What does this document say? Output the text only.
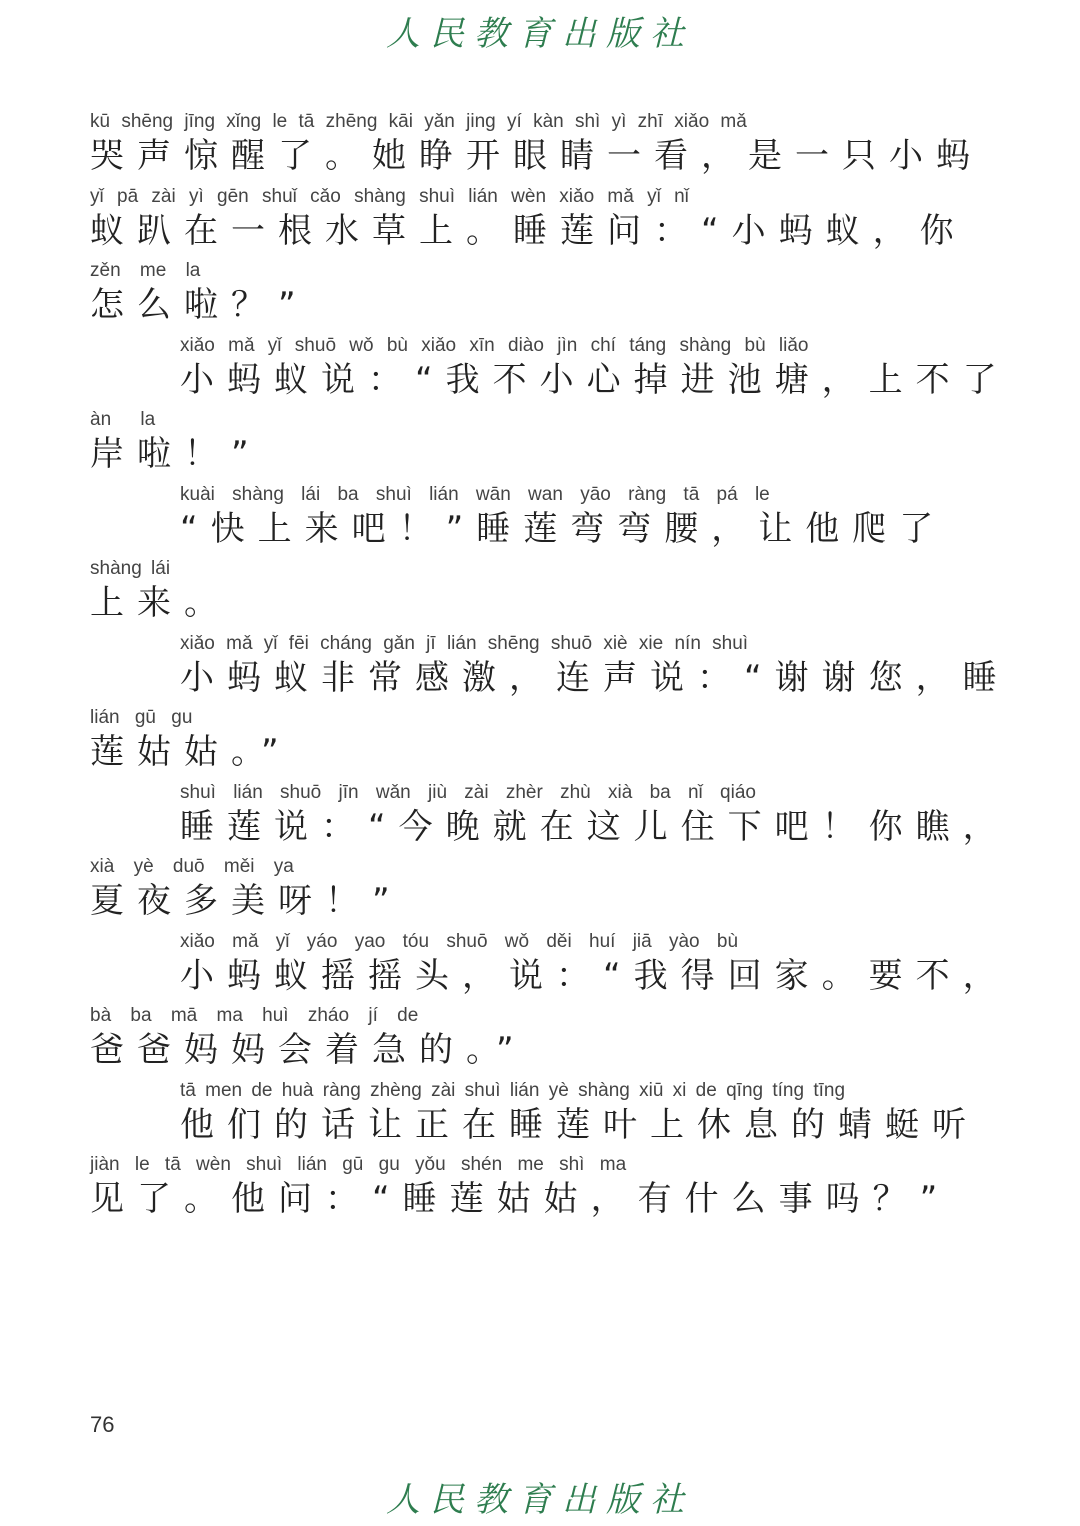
人民教育出版社
kū shēng jīng xǐng le tā zhēng kāi yǎn jing yí kàn shì yì zhī xiǎo mǎ
哭声惊醒了。她睁开眼睛一看，是一只小蚂
yǐ pā zài yì gēn shuǐ cǎo shàng shuì lián wèn xiǎo mǎ yǐ nǐ
蚁趴在一根水草上。睡莲问：“小蚂蚁，你
zěn me la
怎么啦？”
xiǎo mǎ yǐ shuō wǒ bù xiǎo xīn diào jìn chí táng shàng bù liǎo
小蚂蚁说：“我不小心掉进池塘，上不了
àn la
岸啦！”
kuài shàng lái ba shuì lián wān wan yāo ràng tā pá le
“快上来吧！”睡莲弯弯腰，让他爬了
shàng lái
上来。
xiǎo mǎ yǐ fēi cháng gǎn jī lián shēng shuō xiè xie nín shuì
小蚂蚁非常感激，连声说：“谢谢您，睡
lián gū gu
莲姑姑。”
shuì lián shuō jīn wǎn jiù zài zhèr zhù xià ba nǐ qiáo
睡莲说：“今晚就在这儿住下吧！你瞧，
xià yè duō měi ya
夏夜多美呀！”
xiǎo mǎ yǐ yáo yao tóu shuō wǒ děi huí jiā yào bù
小蚂蚁摇摇头，说：“我得回家。要不，
bà ba mā ma huì zháo jí de
爸爸妈妈会着急的。”
tā men de huà ràng zhèng zài shuì lián yè shàng xiū xi de qīng tíng tīng
他们的话让正在睡莲叶上休息的蜻蜓听
jiàn le tā wèn shuì lián gū gu yǒu shén me shì ma
见了。他问：“睡莲姑姑，有什么事吗？”
76
人民教育出版社
